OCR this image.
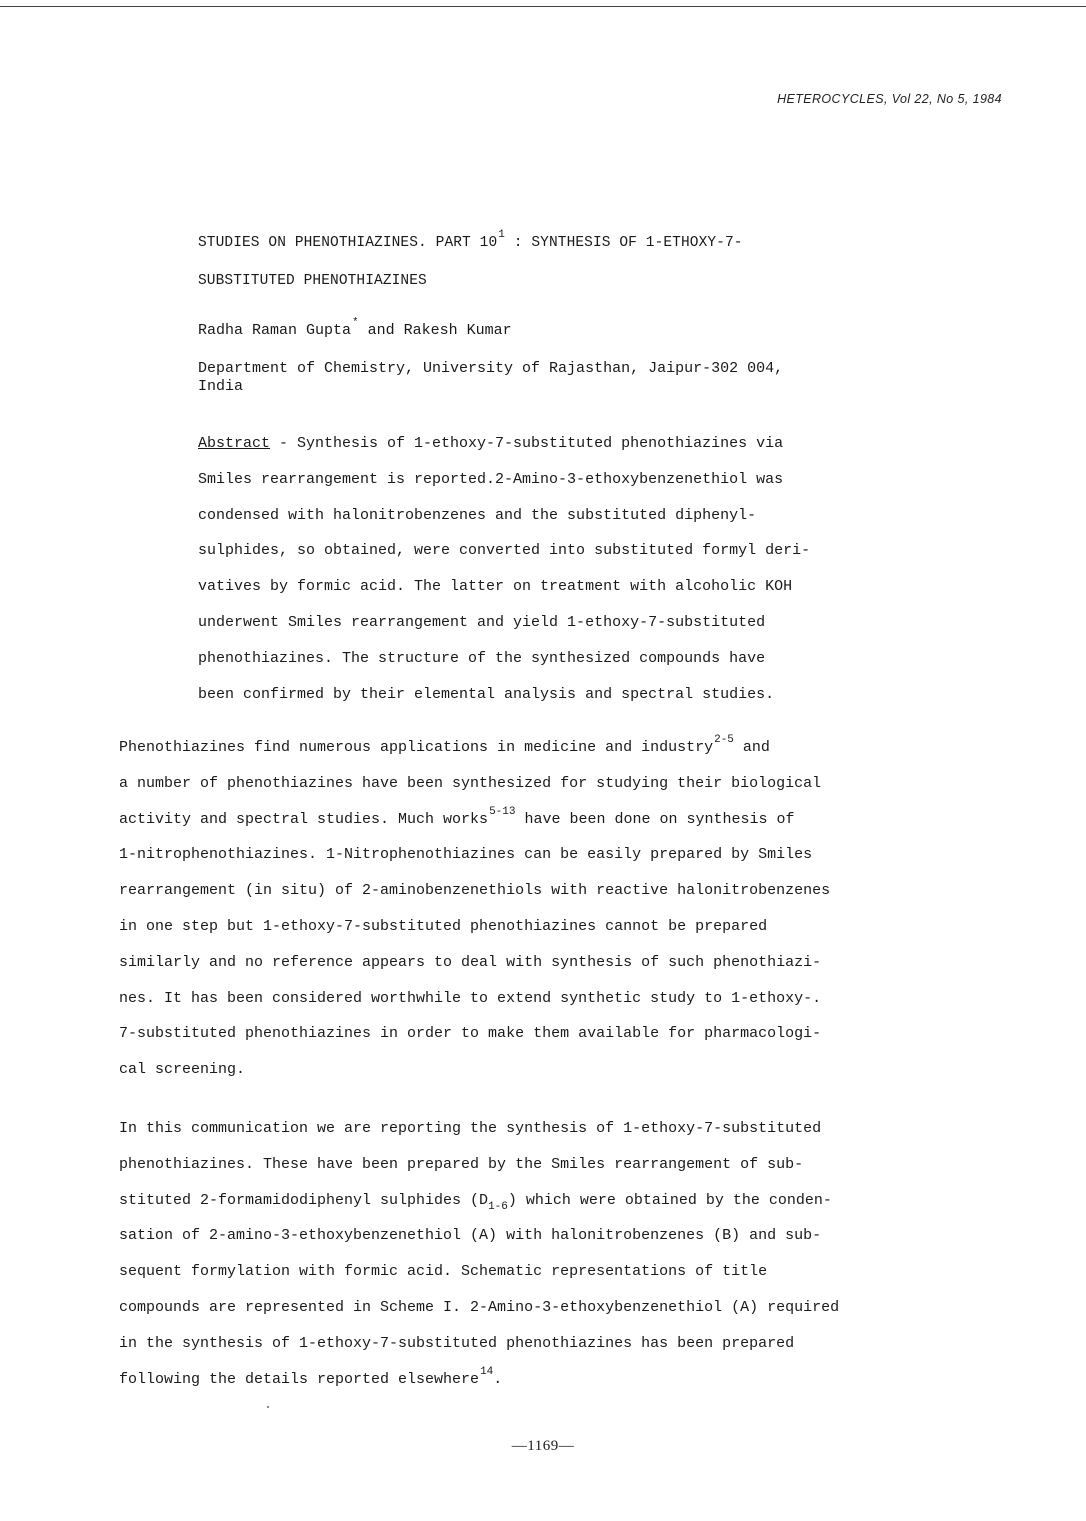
HETEROCYCLES, Vol 22, No 5, 1984
STUDIES ON PHENOTHIAZINES. PART $10^1$ : SYNTHESIS OF 1-ETHOXY-7-
SUBSTITUTED PHENOTHIAZINES
Radha Raman Gupta* and Rakesh Kumar
Department of Chemistry, University of Rajasthan, Jaipur-302 004,
India
Abstract - Synthesis of 1-ethoxy-7-substituted phenothiazines via
Smiles rearrangement is reported.2-Amino-3-ethoxybenzenethiol was
condensed with halonitrobenzenes and the substituted diphenyl-
sulphides, so obtained, were converted into substituted formyl deri-
vatives by formic acid. The latter on treatment with alcoholic KOH
underwent Smiles rearrangement and yield 1-ethoxy-7-substituted
phenothiazines. The structure of the synthesized compounds have
been confirmed by their elemental analysis and spectral studies.
Phenothiazines find numerous applications in medicine and industry$^{2-5}$ and
a number of phenothiazines have been synthesized for studying their biological
activity and spectral studies. Much works$^{5-13}$ have been done on synthesis of
1-nitrophenothiazines. 1-Nitrophenothiazines can be easily prepared by Smiles
rearrangement (in situ) of 2-aminobenzenethiols with reactive halonitrobenzenes
in one step but 1-ethoxy-7-substituted phenothiazines cannot be prepared
similarly and no reference appears to deal with synthesis of such phenothiazi-
nes. It has been considered worthwhile to extend synthetic study to 1-ethoxy-.
7-substituted phenothiazines in order to make them available for pharmacologi-
cal screening.
In this communication we are reporting the synthesis of 1-ethoxy-7-substituted
phenothiazines. These have been prepared by the Smiles rearrangement of sub-
stituted 2-formamidodiphenyl sulphides $(D_{1-6})$ which were obtained by the conden-
sation of 2-amino-3-ethoxybenzenethiol (A) with halonitrobenzenes (B) and sub-
sequent formylation with formic acid. Schematic representations of title
compounds are represented in Scheme I. 2-Amino-3-ethoxybenzenethiol (A) required
in the synthesis of 1-ethoxy-7-substituted phenothiazines has been prepared
following the details reported elsewhere$^{14}$.
—1169—
